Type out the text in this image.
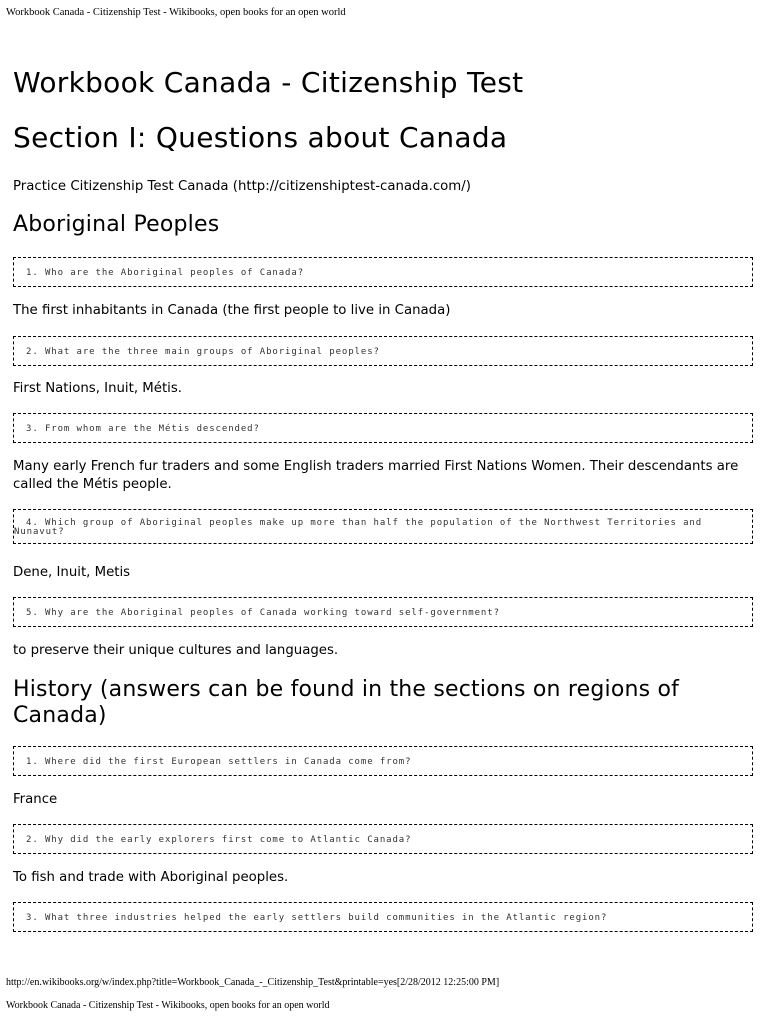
Workbook Canada - Citizenship Test - Wikibooks, open books for an open world
Workbook Canada - Citizenship Test
Section I: Questions about Canada
Practice Citizenship Test Canada (http://citizenshiptest-canada.com/)
Aboriginal Peoples
1. Who are the Aboriginal peoples of Canada?
The first inhabitants in Canada (the first people to live in Canada)
2. What are the three main groups of Aboriginal peoples?
First Nations, Inuit, Métis.
3. From whom are the Métis descended?
Many early French fur traders and some English traders married First Nations Women. Their descendants are called the Métis people.
4. Which group of Aboriginal peoples make up more than half the population of the Northwest Territories and Nunavut?
Dene, Inuit, Metis
5. Why are the Aboriginal peoples of Canada working toward self-government?
to preserve their unique cultures and languages.
History (answers can be found in the sections on regions of Canada)
1. Where did the first European settlers in Canada come from?
France
2. Why did the early explorers first come to Atlantic Canada?
To fish and trade with Aboriginal peoples.
3. What three industries helped the early settlers build communities in the Atlantic region?
http://en.wikibooks.org/w/index.php?title=Workbook_Canada_-_Citizenship_Test&printable=yes[2/28/2012 12:25:00 PM]
Workbook Canada - Citizenship Test - Wikibooks, open books for an open world
